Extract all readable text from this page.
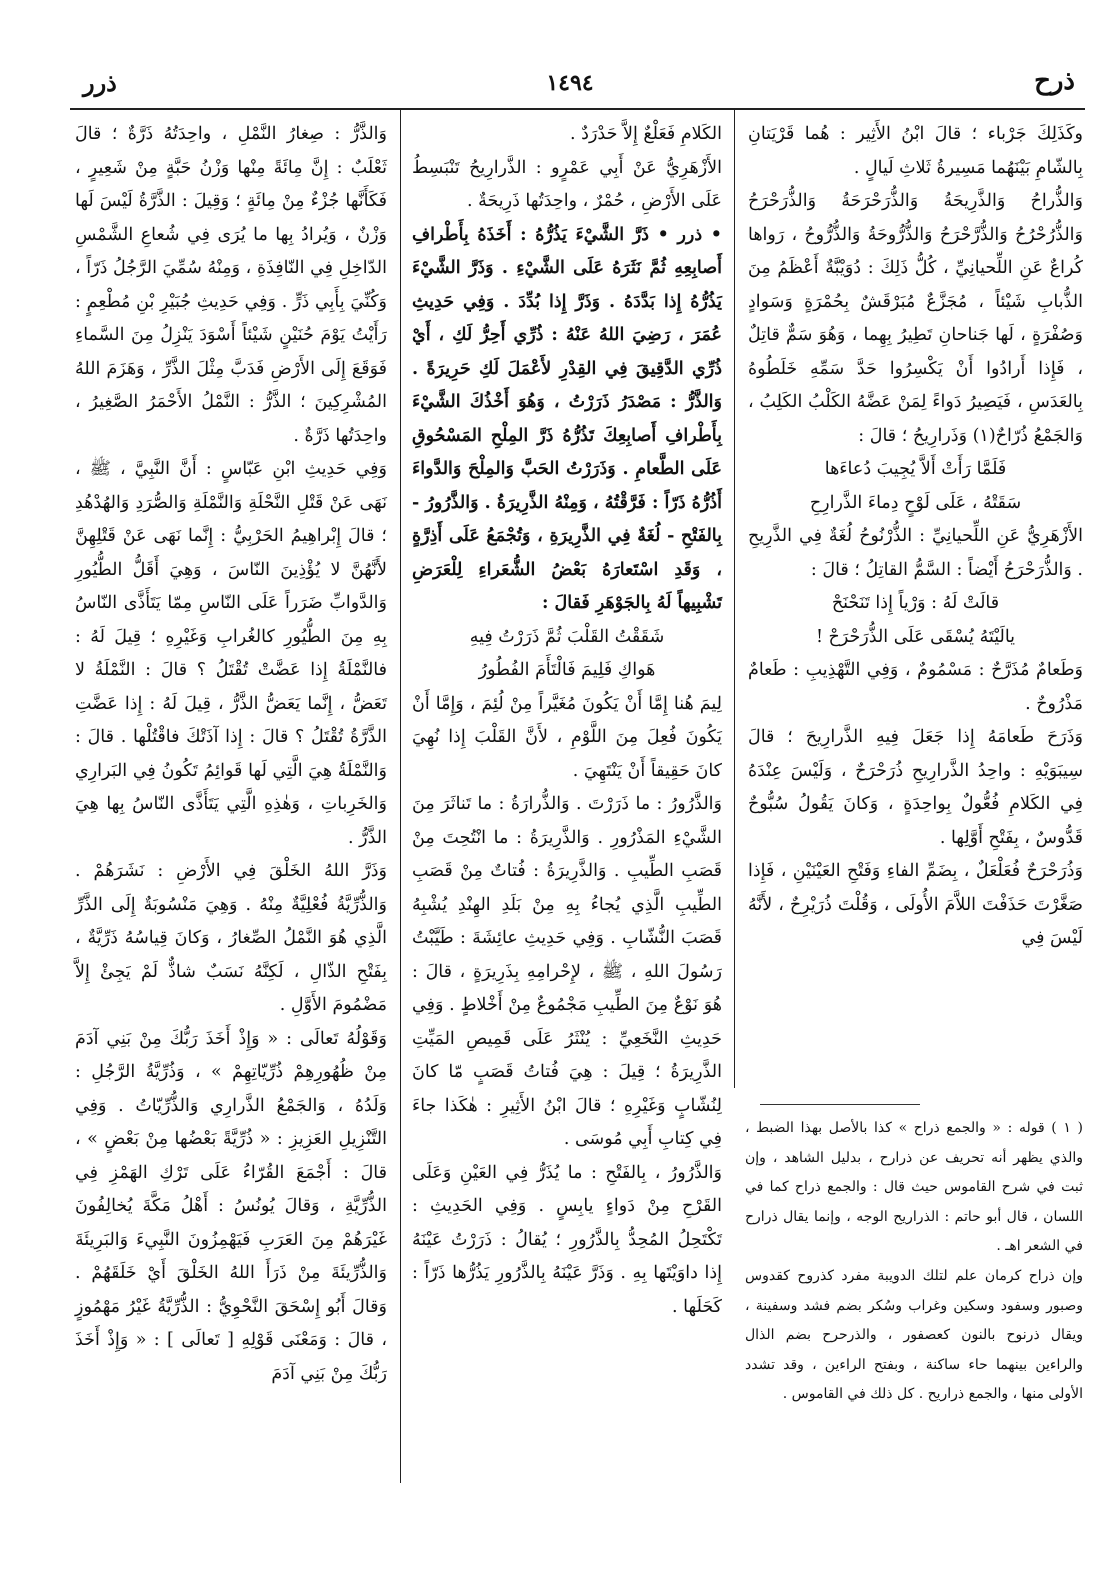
ذرر	١٤٩٤	ذرح

وكَذَلِكَ جَرْباء ؛ قالَ ابْنُ الأَثِير : هُما قَرْيَتانِ بِالشّامِ بَيْنَهُما مَسِيرةُ ثَلاثِ لَيالٍ .

وَالذُّراحُ وَالذَّرِيحَةُ وَالذُّرَحْرَحَةُ وَالذُّرَحْرَحُ وَالذُّرُحْرُحُ وَالذُّرَّحْرَحُ وَالذُّرُّوحَةُ وَالذُّرُّوحُ ، رَواها كُراعٌ عَنِ اللِّحيانِيِّ ، كُلُّ ذَلِكَ : دُوَيْبَّةٌ أَعْظَمُ مِنَ الذُّبابِ شَيْئاً ، مُجَزَّعٌ مُبَرْقَشٌ بِحُمْرَةٍ وَسَوادٍ وَصُفْرَةٍ ، لَها جَناحانِ تَطِيرُ بِهِما ، وَهُوَ سَمٌّ قاتِلٌ ، فَإِذا أَرادُوا أَنْ يَكْسِرُوا حَدَّ سَمِّهِ خَلَطُوهُ بِالعَدَسِ ، فَيَصِيرُ دَواءً لِمَنْ عَضَّهُ الكَلْبُ الكَلِبُ ، وَالجَمْعُ ذُرّاحٌ(١) وَذَرارِيحُ ؛ قالَ :

فَلَمَّا رَأَتْ أَلاَّ يُجِيبَ دُعاءَها

سَقَتْهُ ، عَلَى لَوْحٍ دِماءَ الذَّرارِحِ

الأَزْهَرِيُّ عَنِ اللِّحيانِيِّ : الذُّرْنُوحُ لُغَةٌ فِي الذَّرِيحِ . وَالذُّرَحْرَحُ أَيْضاً : السَّمُّ القاتِلُ ؛ قالَ :

قالَتْ لَهُ : وَرْياً إِذا تَنَحْنَحْ

يالَيْتَهُ يُسْقَى عَلَى الذُّرَحْرَحْ !

وَطَعامٌ مُذَرَّحٌ : مَسْمُومٌ ، وَفِي التَّهْذِيبِ : طَعامٌ مَذْرُوحٌ .

وَذَرَحَ طَعامَهُ إِذا جَعَلَ فِيهِ الذَّرارِيحَ ؛ قالَ سِيبَوَيْهِ : واحِدُ الذَّرارِيحِ ذُرَحْرَحٌ ، وَلَيْسَ عِنْدَهُ فِي الكَلامِ فُعُّولٌ بِواحِدَةٍ ، وَكانَ يَقُولُ سُبُّوحٌ قَدُّوسٌ ، بِفَتْحِ أَوَّلِها .

وَذُرَحْرَحٌ فُعَلْعَلٌ ، بِضَمِّ الفاءِ وَفَتْحِ العَيْنَيْنِ ، فَإِذا صَغَّرْتَ حَذَفْتَ اللاَّمَ الأُولَى ، وَقُلْتَ ذُرَيْرِحٌ ، لأَنَّهُ لَيْسَ فِي

الكَلامِ فَعَلْعٌ إِلاَّ حَدْرَدٌ .

الأَزْهَرِيُّ عَنْ أَبِي عَمْرٍو : الذَّرارِيحُ تَنْبَسِطُ عَلَى الأَرْضِ ، حُمْرٌ ، واحِدَتُها ذَرِيحَةٌ .

• ذرر • ذَرَّ الشَّيْءَ يَذُرُّهُ : أَخَذَهُ بِأَطْرافِ أَصابِعِهِ ثُمَّ نَثَرَهُ عَلَى الشَّيْءِ . وَذَرَّ الشَّيْءَ يَذُرُّهُ إِذا بَدَّدَهُ . وَذَرَّ إِذا بُدِّدَ . وَفِي حَدِيثِ عُمَرَ ، رَضِيَ اللهُ عَنْهُ : ذُرِّي أَحِرُّ لَكِ ، أَيْ ذُرِّي الدَّقِيقَ فِي القِدْرِ لأَعْمَلَ لَكِ حَرِيرَةً . وَالذَّرُّ : مَصْدَرُ ذَرَرْتُ ، وَهُوَ أَخْذُكَ الشَّيْءَ بِأَطْرافِ أَصابِعِكَ تَذُرُّهُ ذَرَّ المِلْحِ المَسْحُوقِ عَلَى الطَّعامِ . وَذَرَرْتُ الحَبَّ وَالمِلْحَ وَالدَّواءَ أَذُرُّهُ ذَرّاً : فَرَّقْتُهُ ، وَمِنْهُ الذَّرِيرَةُ . وَالذَّرُورُ - بِالفَتْحِ - لُغَةٌ فِي الذَّرِيرَةِ ، وَتُجْمَعُ عَلَى أَذِرَّةٍ ، وَقَدِ اسْتَعارَهُ بَعْضُ الشُّعَراءِ لِلْعَرَضِ تَشْبِيهاً لَهُ بِالجَوْهَرِ فَقالَ :

شَقَقْتُ القَلْبَ ثُمَّ ذَرَرْتُ فِيهِ

هَواكِ فَلِيمَ فَالْتَأَمَ الفُطُورُ

لِيمَ هُنا إِمَّا أَنْ يَكُونَ مُغَيَّراً مِنْ لُئِمَ ، وَإِمَّا أَنْ يَكُونَ فُعِلَ مِنَ اللَّوْمِ ، لأَنَّ القَلْبَ إِذا نُهِيَ كانَ حَقِيقاً أَنْ يَنْتَهِيَ .

وَالذَّرُورُ : ما ذَرَرْتَ . وَالذُّرارَةُ : ما تَناثَرَ مِنَ الشَّيْءِ المَذْرُورِ . وَالذَّرِيرَةُ : ما انْتُحِتَ مِنْ قَصَبِ الطِّيبِ . وَالذَّرِيرَةُ : فُتاتٌ مِنْ قَصَبِ الطِّيبِ الَّذِي يُجاءُ بِهِ مِنْ بَلَدِ الهِنْدِ يُشْبِهُ قَصَبَ النُّشّابِ . وَفِي حَدِيثِ عائِشَةَ : طَيَّبْتُ رَسُولَ اللهِ ، ﷺ ، لإِحْرامِهِ بِذَرِيرَةٍ ، قالَ : هُوَ نَوْعٌ مِنَ الطِّيبِ مَجْمُوعٌ مِنْ أَخْلاطٍ . وَفِي حَدِيثِ النَّخَعِيِّ : يُنْثَرُ عَلَى قَمِيصِ المَيِّتِ الذَّرِيرَةُ ؛ قِيلَ : هِيَ فُتاتُ قَصَبٍ مّا كانَ لِنُشّابٍ وَغَيْرِهِ ؛ قالَ ابْنُ الأَثِيرِ : هٰكَذا جاءَ فِي كِتابِ أَبِي مُوسَى .

وَالذَّرُورُ ، بِالفَتْحِ : ما يُذَرُّ فِي العَيْنِ وَعَلَى القَرْحِ مِنْ دَواءٍ يابِسٍ . وَفِي الحَدِيثِ : تَكْتَحِلُ المُحِدُّ بِالذَّرُورِ ؛ يُقالُ : ذَرَرْتُ عَيْنَهُ إِذا داوَيْتَها بِهِ . وَذَرَّ عَيْنَهُ بِالذَّرُورِ يَذُرُّها ذَرّاً : كَحَلَها .

وَالذَّرُّ : صِغارُ النَّمْلِ ، واحِدَتُهُ ذَرَّةٌ ؛ قالَ ثَعْلَبٌ : إِنَّ مِائَةً مِنْها وَزْنُ حَبَّةٍ مِنْ شَعِيرٍ ، فَكَأَنَّها جُزْءٌ مِنْ مِائَةٍ ؛ وَقِيلَ : الذَّرَّةُ لَيْسَ لَها وَزْنٌ ، وَيُرادُ بِها ما يُرَى فِي شُعاعِ الشَّمْسِ الدّاخِلِ فِي النّافِذَةِ ، وَمِنْهُ سُمِّيَ الرَّجُلُ ذَرّاً ، وَكُنِّيَ بِأَبِي ذَرٍّ . وَفِي حَدِيثِ جُبَيْرِ بْنِ مُطْعِمٍ : رَأَيْتُ يَوْمَ حُنَيْنٍ شَيْئاً أَسْوَدَ يَنْزِلُ مِنَ السَّماءِ فَوَقَعَ إِلَى الأَرْضِ فَدَبَّ مِثْلَ الذَّرِّ ، وَهَزَمَ اللهُ المُشْرِكِينَ ؛ الذَّرُّ : النَّمْلُ الأَحْمَرُ الصَّغِيرُ ، واحِدَتُها ذَرَّةٌ .

وَفِي حَدِيثِ ابْنِ عَبّاسٍ : أَنَّ النَّبِيَّ ، ﷺ ، نَهَى عَنْ قَتْلِ النَّحْلَةِ وَالنَّمْلَةِ وَالصُّرَدِ وَالهُدْهُدِ ؛ قالَ إِبْراهِيمُ الحَرْبِيُّ : إِنَّما نَهَى عَنْ قَتْلِهِنَّ لأَنَّهُنَّ لا يُؤْذِينَ النّاسَ ، وَهِيَ أَقَلُّ الطُّيُورِ وَالدَّوابِّ ضَرَراً عَلَى النّاسِ مِمّا يَتَأَذَّى النّاسُ بِهِ مِنَ الطُّيُورِ كالغُرابِ وَغَيْرِهِ ؛ قِيلَ لَهُ : فالنَّمْلَةُ إِذا عَضَّتْ تُقْتَلُ ؟ قالَ : النَّمْلَةُ لا تَعَضُّ ، إِنَّما يَعَضُّ الذَّرُّ ، قِيلَ لَهُ : إِذا عَضَّتِ الذَّرَّةُ تُقْتَلُ ؟ قالَ : إِذا آذَتْكَ فاقْتُلْها . قالَ : وَالنَّمْلَةُ هِيَ الَّتِي لَها قَوائِمُ تَكُونُ فِي البَرارِي وَالخَرِباتِ ، وَهٰذِهِ الَّتِي يَتَأَذَّى النّاسُ بِها هِيَ الذَّرُّ .

وَذَرَّ اللهُ الخَلْقَ فِي الأَرْضِ : نَشَرَهُمْ . وَالذُّرِّيَّةُ فُعْلِيَّةٌ مِنْهُ . وَهِيَ مَنْسُوبَةٌ إِلَى الذَّرِّ الَّذِي هُوَ النَّمْلُ الصِّغارُ ، وَكانَ قِياسُهُ ذَرِّيَّةٌ ، بِفَتْحِ الذّالِ ، لَكِنَّهُ نَسَبٌ شاذٌّ لَمْ يَجِئْ إِلاَّ مَضْمُومَ الأَوَّلِ .

وَقَوْلُهُ تَعالَى : « وَإِذْ أَخَذَ رَبُّكَ مِنْ بَنِي آدَمَ مِنْ ظُهُورِهِمْ ذُرِّيّاتِهِمْ » ، وَذُرِّيَّةُ الرَّجُلِ : وَلَدُهُ ، وَالجَمْعُ الذَّرارِي وَالذُّرِّيّاتُ . وَفِي التَّنْزِيلِ العَزِيزِ : « ذُرِّيَّةً بَعْضُها مِنْ بَعْضٍ » ، قالَ : أَجْمَعَ القُرّاءُ عَلَى تَرْكِ الهَمْزِ فِي الذُّرِّيَّةِ ، وَقالَ يُونُسُ : أَهْلُ مَكَّةَ يُخالِفُونَ غَيْرَهُمْ مِنَ العَرَبِ فَيَهْمِزُونَ النَّبِيءَ وَالبَرِيئَةَ وَالذُّرِّيئَةَ مِنْ ذَرَأَ اللهُ الخَلْقَ أَيْ خَلَقَهُمْ . وَقالَ أَبُو إِسْحَقَ النَّحْوِيُّ : الذُّرِّيَّةُ غَيْرُ مَهْمُوزٍ ، قالَ : وَمَعْنَى قَوْلِهِ [ تَعالَى ] : « وَإِذْ أَخَذَ رَبُّكَ مِنْ بَنِي آدَمَ

( ١ ) قوله : « والجمع ذراح » كذا بالأصل بهذا الضبط ، والذي يظهر أنه تحريف عن ذرارح ، بدليل الشاهد ، وإن ثبت في شرح القاموس حيث قال : والجمع ذراح كما في اللسان ، قال أبو حاتم : الذراريح الوجه ، وإنما يقال ذرارح في الشعر اهـ .

وإن ذراح كرمان علم لتلك الدويبة مفرد كذروح كقدوس وصبور وسفود وسكين وغراب وسُكر بضم فشد وسفينة ، ويقال ذرنوح بالنون كعصفور ، والذرحرح بضم الذال والراءين بينهما حاء ساكنة ، وبفتح الراءين ، وقد تشدد الأولى منها ، والجمع ذراريح . كل ذلك في القاموس .
